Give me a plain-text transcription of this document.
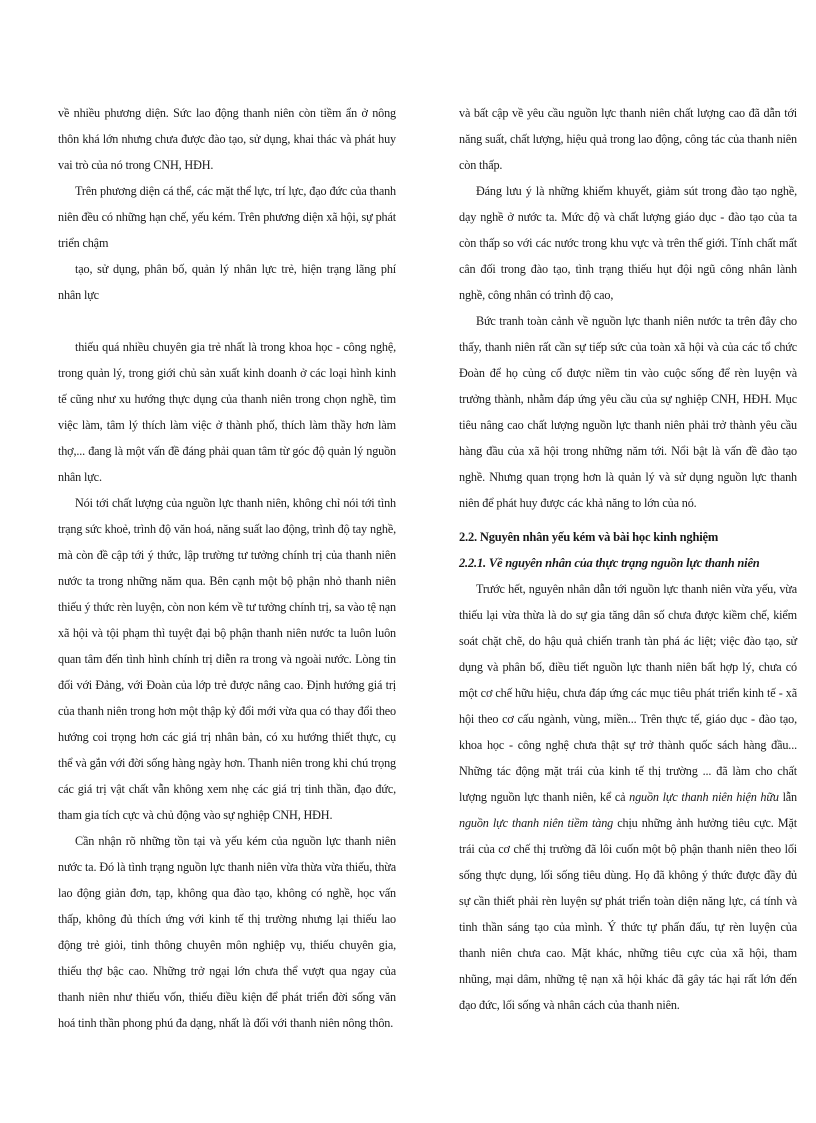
về nhiều phương diện. Sức lao động thanh niên còn tiềm ẩn ở nông thôn khá lớn nhưng chưa được đào tạo, sử dụng, khai thác và phát huy vai trò của nó trong CNH, HĐH.

Trên phương diện cá thể, các mặt thể lực, trí lực, đạo đức của thanh niên đều có những hạn chế, yếu kém. Trên phương diện xã hội, sự phát triển chậm

tạo, sử dụng, phân bố, quản lý nhân lực trẻ, hiện trạng lãng phí nhân lực

thiếu quá nhiều chuyên gia trẻ nhất là trong khoa học - công nghệ, trong quản lý, trong giới chủ sản xuất kinh doanh ở các loại hình kinh tế cũng như xu hướng thực dụng của thanh niên trong chọn nghề, tìm việc làm, tâm lý thích làm việc ở thành phố, thích làm thầy hơn làm thợ,... đang là một vấn đề đáng phải quan tâm từ góc độ quản lý nguồn nhân lực.

Nói tới chất lượng của nguồn lực thanh niên, không chỉ nói tới tình trạng sức khoẻ, trình độ văn hoá, năng suất lao động, trình độ tay nghề, mà còn đề cập tới ý thức, lập trường tư tưởng chính trị của thanh niên nước ta trong những năm qua. Bên cạnh một bộ phận nhỏ thanh niên thiếu ý thức rèn luyện, còn non kém về tư tưởng chính trị, sa vào tệ nạn xã hội và tội phạm thì tuyệt đại bộ phận thanh niên nước ta luôn luôn quan tâm đến tình hình chính trị diễn ra trong và ngoài nước. Lòng tin đối với Đảng, với Đoàn của lớp trẻ được nâng cao. Định hướng giá trị của thanh niên trong hơn một thập kỷ đổi mới vừa qua có thay đổi theo hướng coi trọng hơn các giá trị nhân bản, có xu hướng thiết thực, cụ thể và gắn với đời sống hàng ngày hơn. Thanh niên trong khi chú trọng các giá trị vật chất vẫn không xem nhẹ các giá trị tinh thần, đạo đức, tham gia tích cực và chủ động vào sự nghiệp CNH, HĐH.

Cần nhận rõ những tồn tại và yếu kém của nguồn lực thanh niên nước ta. Đó là tình trạng nguồn lực thanh niên vừa thừa vừa thiếu, thừa lao động giản đơn, tạp, không qua đào tạo, không có nghề, học vấn thấp, không đủ thích ứng với kinh tế thị trường nhưng lại thiếu lao động trẻ giỏi, tinh thông chuyên môn nghiệp vụ, thiếu chuyên gia, thiếu thợ bậc cao. Những trở ngại lớn chưa thể vượt qua ngay của thanh niên như thiếu vốn, thiếu điều kiện để phát triển đời sống văn hoá tinh thần phong phú đa dạng, nhất là đối với thanh niên nông thôn.

và bất cập về yêu cầu nguồn lực thanh niên chất lượng cao đã dẫn tới năng suất, chất lượng, hiệu quả trong lao động, công tác của thanh niên còn thấp.

Đáng lưu ý là những khiếm khuyết, giảm sút trong đào tạo nghề, dạy nghề ở nước ta. Mức độ và chất lượng giáo dục - đào tạo của ta còn thấp so với các nước trong khu vực và trên thế giới. Tính chất mất cân đối trong đào tạo, tình trạng thiếu hụt đội ngũ công nhân lành nghề, công nhân có trình độ cao,

Bức tranh toàn cảnh về nguồn lực thanh niên nước ta trên đây cho thấy, thanh niên rất cần sự tiếp sức của toàn xã hội và của các tổ chức Đoàn để họ củng cố được niềm tin vào cuộc sống để rèn luyện và trưởng thành, nhằm đáp ứng yêu cầu của sự nghiệp CNH, HĐH. Mục tiêu nâng cao chất lượng nguồn lực thanh niên phải trở thành yêu cầu hàng đầu của xã hội trong những năm tới. Nổi bật là vấn đề đào tạo nghề. Nhưng quan trọng hơn là quản lý và sử dụng nguồn lực thanh niên để phát huy được các khả năng to lớn của nó.

2.2. Nguyên nhân yếu kém và bài học kinh nghiệm

2.2.1. Về nguyên nhân của thực trạng nguồn lực thanh niên

Trước hết, nguyên nhân dẫn tới nguồn lực thanh niên vừa yếu, vừa thiếu lại vừa thừa là do sự gia tăng dân số chưa được kiềm chế, kiểm soát chặt chẽ, do hậu quả chiến tranh tàn phá ác liệt; việc đào tạo, sử dụng và phân bố, điều tiết nguồn lực thanh niên bất hợp lý, chưa có một cơ chế hữu hiệu, chưa đáp ứng các mục tiêu phát triển kinh tế - xã hội theo cơ cấu ngành, vùng, miền... Trên thực tế, giáo dục - đào tạo, khoa học - công nghệ chưa thật sự trở thành quốc sách hàng đầu... Những tác động mặt trái của kinh tế thị trường ... đã làm cho chất lượng nguồn lực thanh niên, kể cả nguồn lực thanh niên hiện hữu lẫn nguồn lực thanh niên tiềm tàng chịu những ảnh hưởng tiêu cực. Mặt trái của cơ chế thị trường đã lôi cuốn một bộ phận thanh niên theo lối sống thực dụng, lối sống tiêu dùng. Họ đã không ý thức được đầy đủ sự cần thiết phải rèn luyện sự phát triển toàn diện năng lực, cá tính và tinh thần sáng tạo của mình. Ý thức tự phấn đấu, tự rèn luyện của thanh niên chưa cao. Mặt khác, những tiêu cực của xã hội, tham nhũng, mại dâm, những tệ nạn xã hội khác đã gây tác hại rất lớn đến đạo đức, lối sống và nhân cách của thanh niên.
